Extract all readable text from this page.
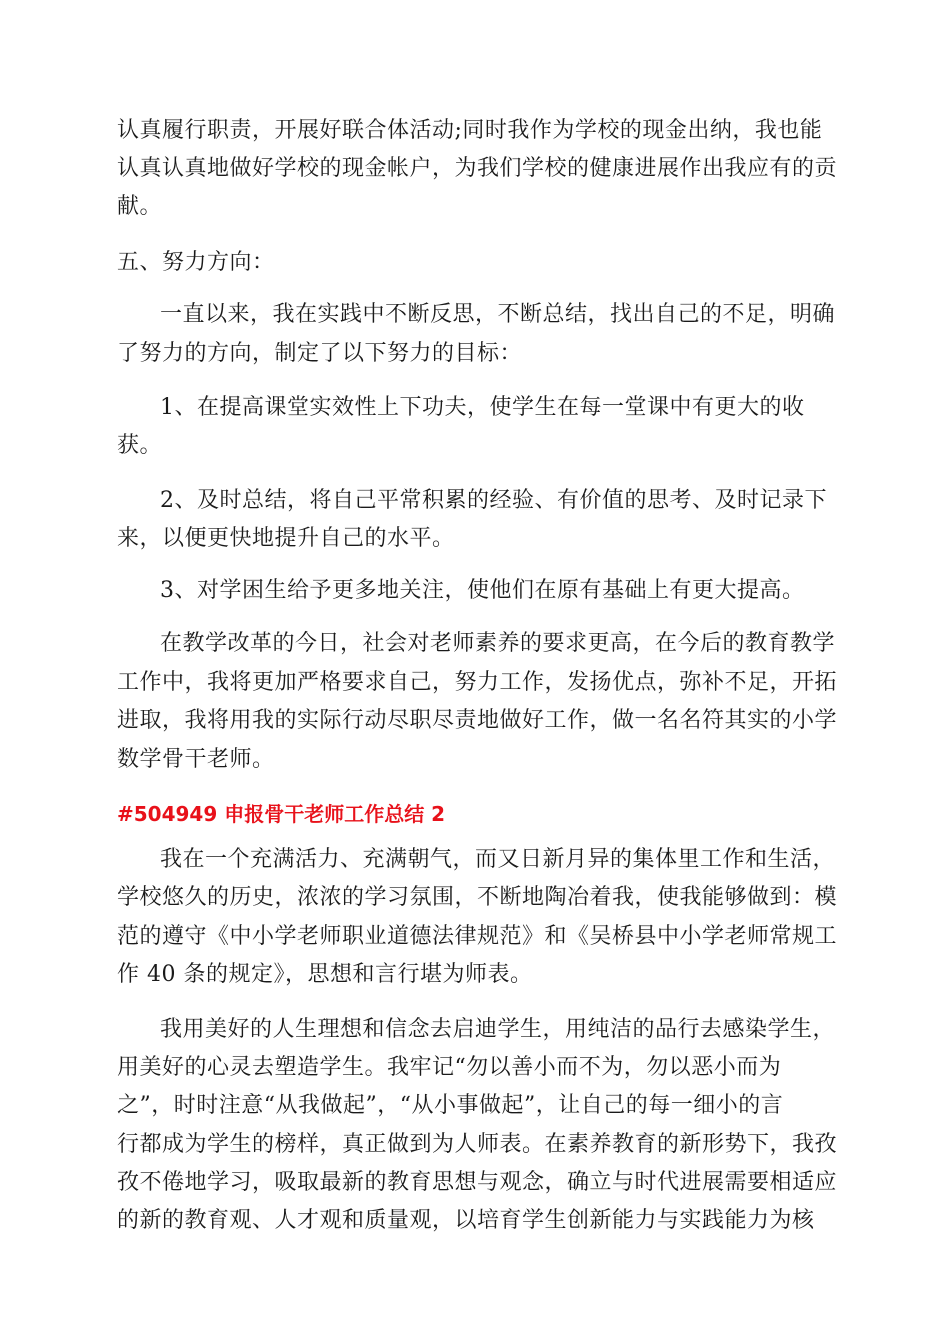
认真履行职责，开展好联合体活动;同时我作为学校的现金出纳，我也能
认真认真地做好学校的现金帐户，为我们学校的健康进展作出我应有的贡
献。
五、努力方向：
一直以来，我在实践中不断反思，不断总结，找出自己的不足，明确
了努力的方向，制定了以下努力的目标：
1、在提高课堂实效性上下功夫，使学生在每一堂课中有更大的收
获。
2、及时总结，将自己平常积累的经验、有价值的思考、及时记录下
来，以便更快地提升自己的水平。
3、对学困生给予更多地关注，使他们在原有基础上有更大提高。
在教学改革的今日，社会对老师素养的要求更高，在今后的教育教学
工作中，我将更加严格要求自己，努力工作，发扬优点，弥补不足，开拓
进取，我将用我的实际行动尽职尽责地做好工作，做一名名符其实的小学
数学骨干老师。
#504949 申报骨干老师工作总结 2
我在一个充满活力、充满朝气，而又日新月异的集体里工作和生活，
学校悠久的历史，浓浓的学习氛围，不断地陶冶着我，使我能够做到：模
范的遵守《中小学老师职业道德法律规范》和《吴桥县中小学老师常规工
作 40 条的规定》，思想和言行堪为师表。
我用美好的人生理想和信念去启迪学生，用纯洁的品行去感染学生，
用美好的心灵去塑造学生。我牢记“勿以善小而不为，勿以恶小而为
之”，时时注意“从我做起”，“从小事做起”，让自己的每一细小的言
行都成为学生的榜样，真正做到为人师表。在素养教育的新形势下，我孜
孜不倦地学习，吸取最新的教育思想与观念，确立与时代进展需要相适应
的新的教育观、人才观和质量观，以培育学生创新能力与实践能力为核
